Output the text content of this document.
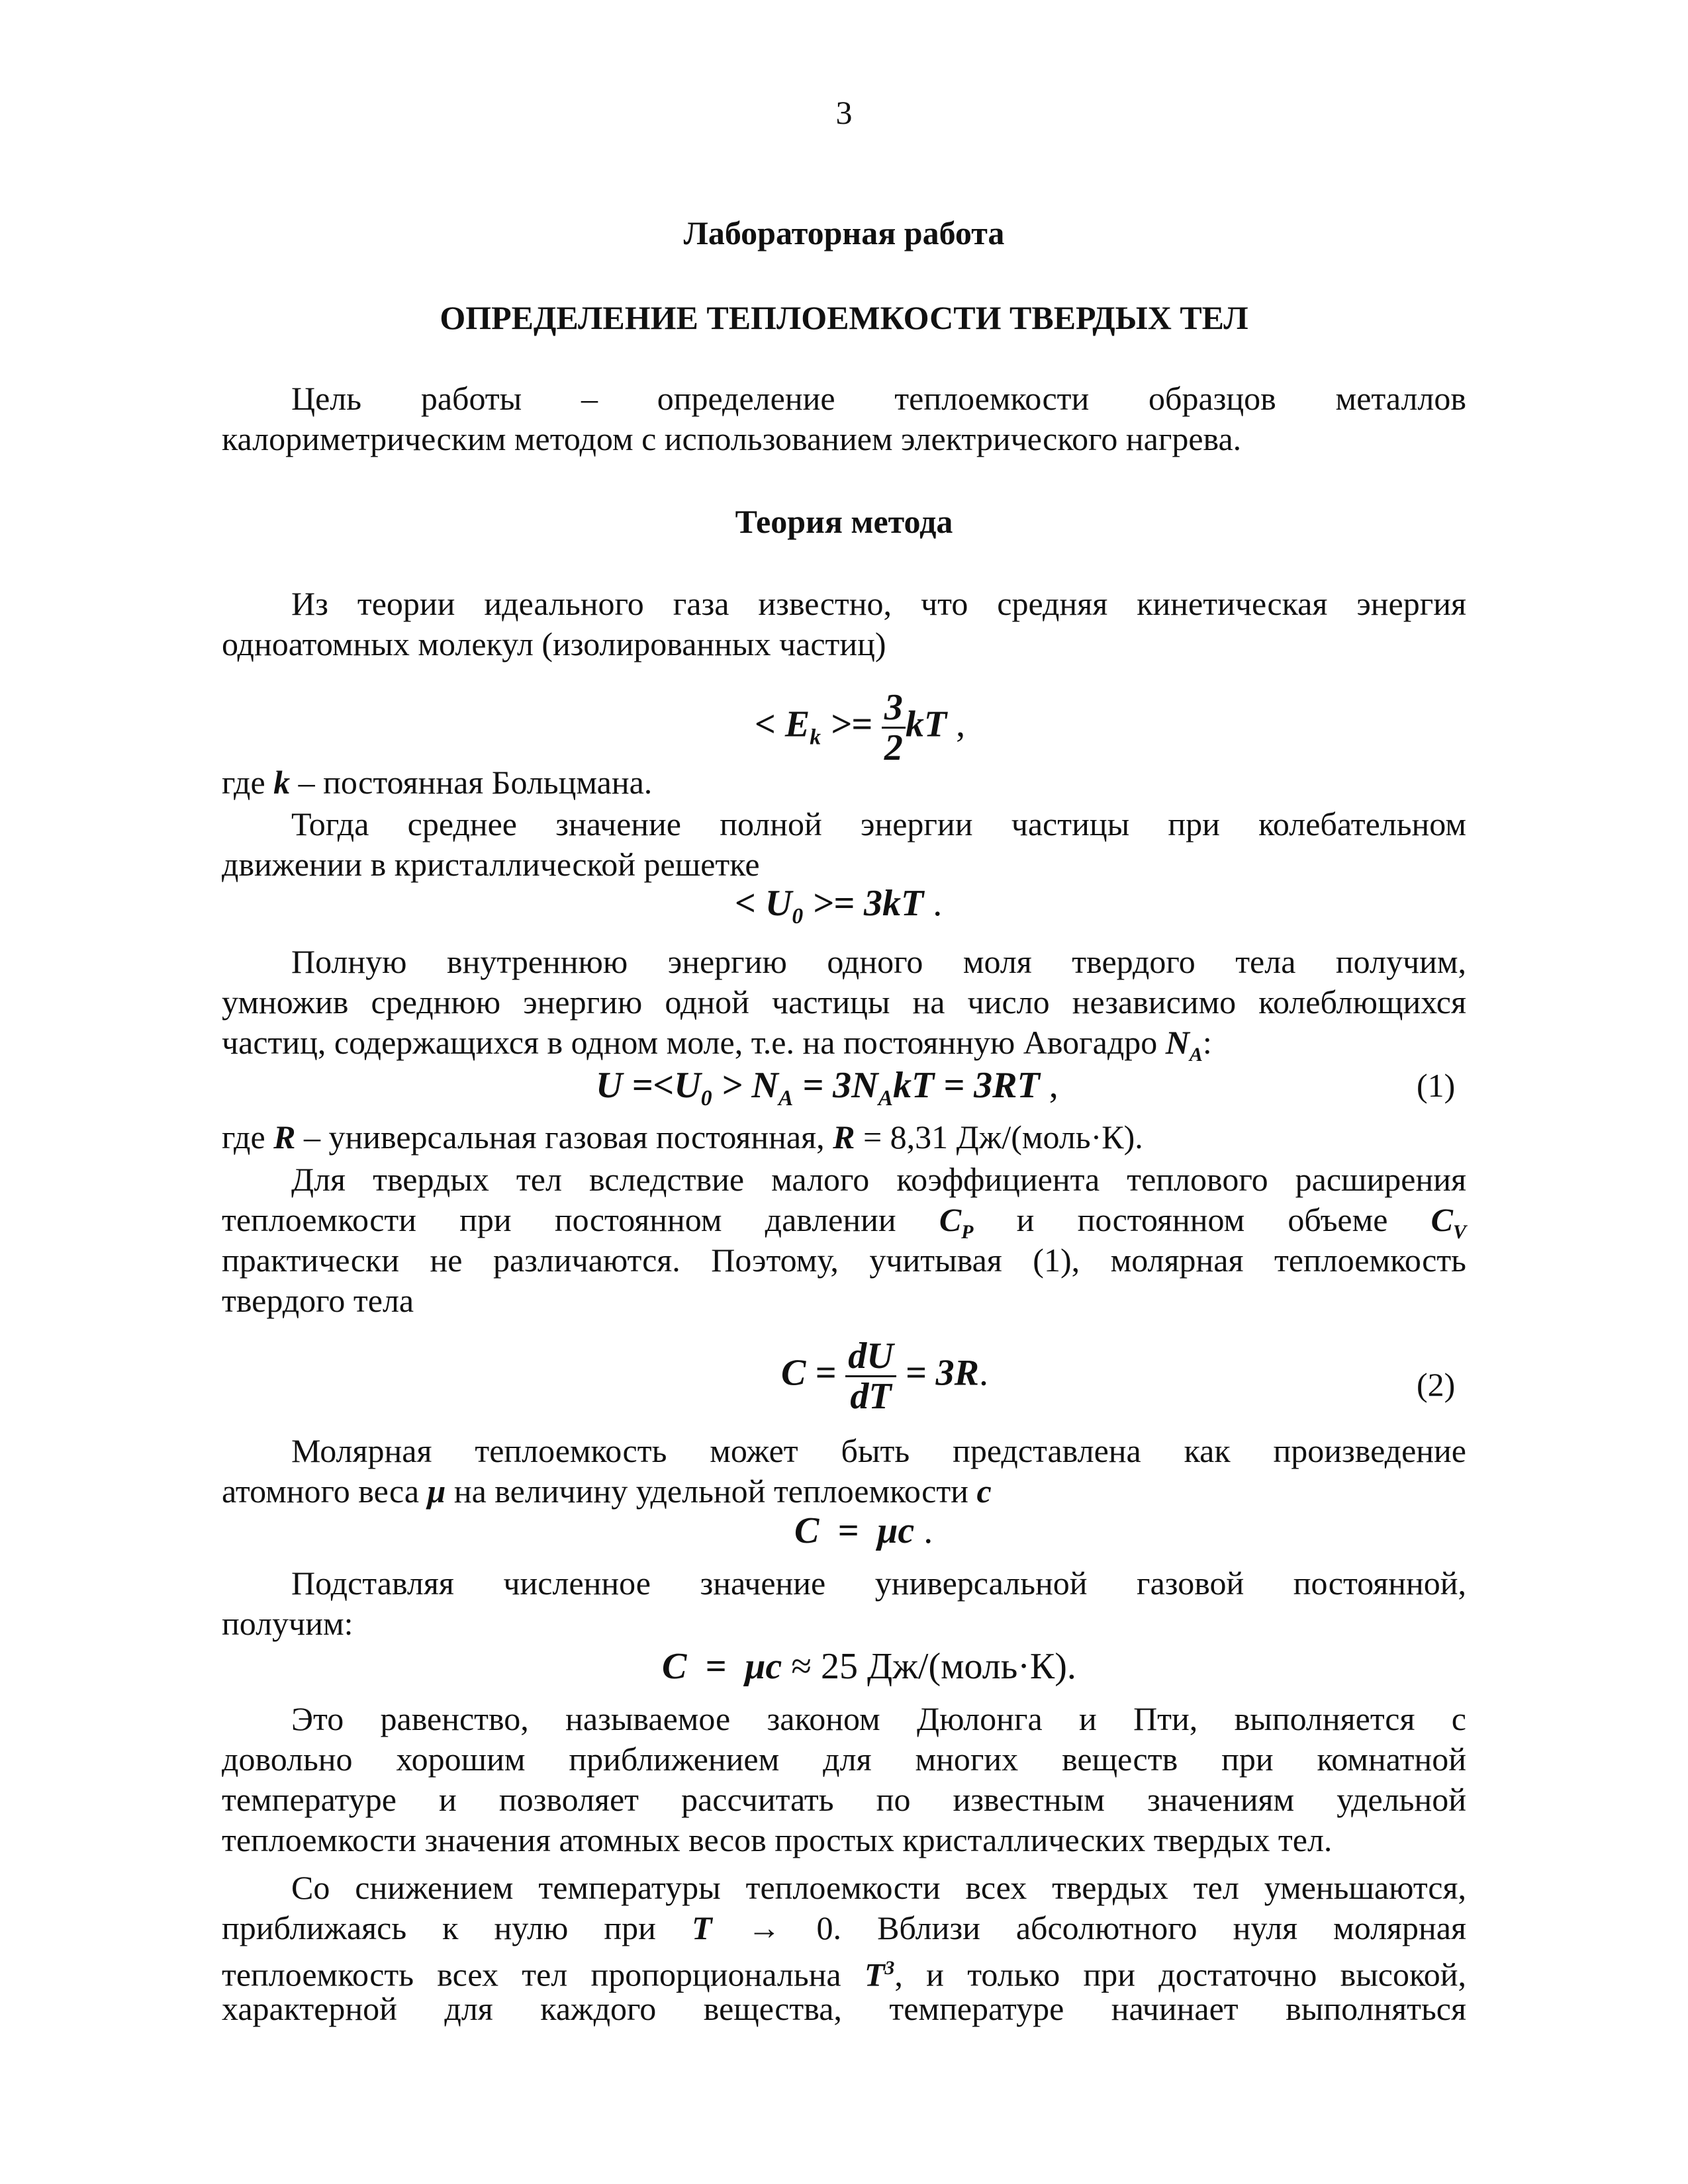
3
Лабораторная работа
ОПРЕДЕЛЕНИЕ ТЕПЛОЕМКОСТИ ТВЕРДЫХ ТЕЛ
Цель работы – определение теплоемкости образцов металлов
калориметрическим методом с использованием электрического нагрева.
Теория метода
Из теории идеального газа известно, что средняя кинетическая энергия
одноатомных молекул (изолированных частиц)
< $E_k >= \frac{3}{2}$ kT ,
где k – постоянная Больцмана.
Тогда среднее значение полной энергии частицы при колебательном
движении в кристаллической решетке
< $U_0 >= 3kT$ .
Полную внутреннюю энергию одного моля твердого тела получим,
умножив среднюю энергию одной частицы на число независимо колеблющихся
частиц, содержащихся в одном моле, т.е. на постоянную Авогадро $N_A$:
$U =<U_0 > N_A = 3N_AkT = 3RT$ ,	(1)
где R – универсальная газовая постоянная, R = 8,31 Дж/(моль·К).
Для твердых тел вследствие малого коэффициента теплового расширения
теплоемкости при постоянном давлении $C_P$ и постоянном объеме $C_V$
практически не различаются. Поэтому, учитывая (1), молярная теплоемкость
твердого тела
$C = \frac{dU}{dT} = 3R$.	(2)
Молярная теплоемкость может быть представлена как произведение
атомного веса μ на величину удельной теплоемкости c
C = μc .
Подставляя численное значение универсальной газовой постоянной,
получим:
C = μc ≈ 25 Дж/(моль·К).
Это равенство, называемое законом Дюлонга и Пти, выполняется с
довольно хорошим приближением для многих веществ при комнатной
температуре и позволяет рассчитать по известным значениям удельной
теплоемкости значения атомных весов простых кристаллических твердых тел.
Со снижением температуры теплоемкости всех твердых тел уменьшаются,
приближаясь к нулю при T → 0. Вблизи абсолютного нуля молярная
теплоемкость всех тел пропорциональна $T^3$, и только при достаточно высокой,
характерной для каждого вещества, температуре начинает выполняться
